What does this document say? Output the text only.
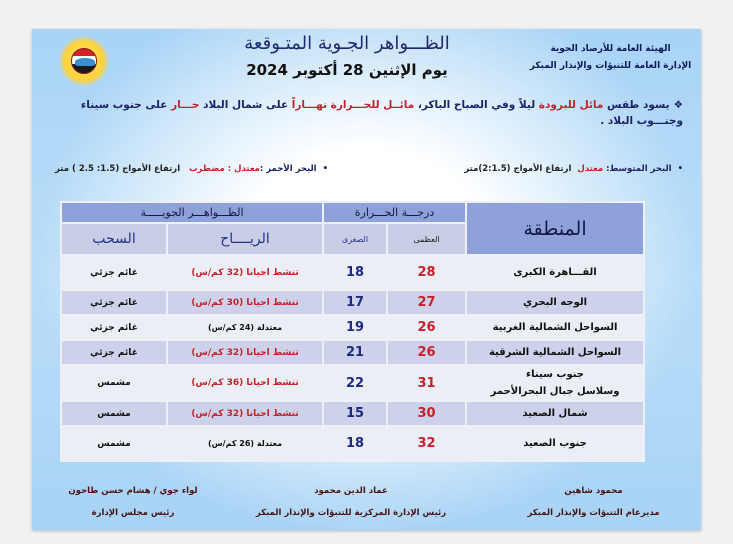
الهيئة العامة للأرصاد الجوية
الإدارة العامة للتنبؤات والإنذار المبكر
الظـــواهر الجـوية المتـوقعة
يوم الإثنين 28 أكتوبر 2024
❖يسود طقس مائل للبرودة ليلاً وفي الصباح الباكر، مائــل للحـــرارة نهـــاراً على شمال البلاد حـــار على جنوب سيناء وجنـــوب البلاد .
•البحر المتوسط: معتدل  ارتفاع الأمواج (2:1.5)متر
•البحر الأحمر :معتدل : مضطرب   ارتفاع الأمواج (1.5: 2.5 ) متر
المنطقة	درجـــة الحـــرارة		الظـــواهـــر الجويـــــة	
	العظمى	الصغرى	الريــــاح	السحب
القـــاهرة الكبرى	28	18	تنشط احيانا (32 كم/س)	غائم جزئي
الوجه البحري	27	17	تنشط احيانا (30 كم/س)	غائم جزئي
السواحل الشمالية الغربية	26	19	معتدلة (24 كم/س)	غائم جزئي
السواحل الشمالية الشرقية	26	21	تنشط احيانا (32 كم/س)	غائم جزئي

جنوب سيناء
وسلاسل جبال البحرالأحمر	31	22	تنشط احيانا (36 كم/س)	مشمس
شمال الصعيد	30	15	تنشط احيانا (32 كم/س)	مشمس
جنوب الصعيد	32	18	معتدلة (26 كم/س)	مشمس
محمود شاهين
مديرعام التنبؤات والإنذار المبكر
عماد الدين محمود
رئيس الإدارة المركزية للتنبؤات والإنذار المبكر
لواء جوي / هشام حسن طاحون
رئيس مجلس الإدارة
